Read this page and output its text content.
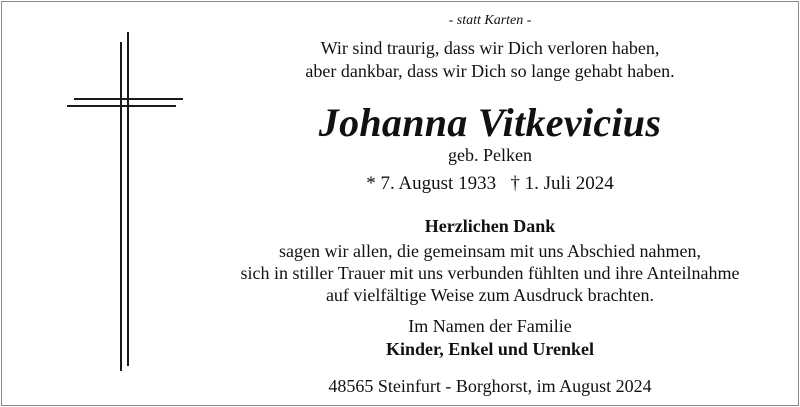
- statt Karten -
Wir sind traurig, dass wir Dich verloren haben,
aber dankbar, dass wir Dich so lange gehabt haben.
Johanna Vitkevicius
geb. Pelken
* 7. August 1933   † 1. Juli 2024
Herzlichen Dank
sagen wir allen, die gemeinsam mit uns Abschied nahmen,
sich in stiller Trauer mit uns verbunden fühlten und ihre Anteilnahme
auf vielfältige Weise zum Ausdruck brachten.
Im Namen der Familie
Kinder, Enkel und Urenkel
48565 Steinfurt - Borghorst, im August 2024
